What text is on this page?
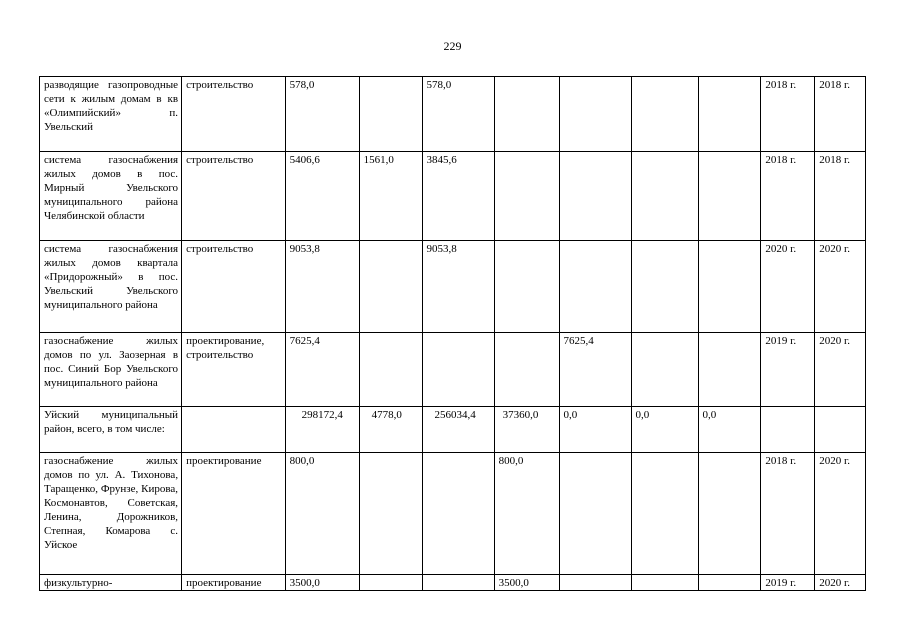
229
разводящие газопроводные сети к жилым домам в кв «Олимпийский» п. Увельский	строительство	578,0		578,0					2018 г.	2018 г.
система газоснабжения жилых домов в пос. Мирный Увельского муниципального района Челябинской области	строительство	5406,6	1561,0	3845,6					2018 г.	2018 г.
система газоснабжения жилых домов квартала «Придорожный» в пос. Увельский Увельского муниципального района	строительство	9053,8		9053,8					2020 г.	2020 г.
газоснабжение жилых домов по ул. Заозерная в пос. Синий Бор Увельского муниципального района	проектирование, строительство	7625,4				7625,4			2019 г.	2020 г.
Уйский муниципальный район, всего, в том числе:		298172,4	4778,0	256034,4	37360,0	0,0	0,0	0,0		
газоснабжение жилых домов по ул. А. Тихонова, Таращенко, Фрунзе, Кирова, Космонавтов, Советская, Ленина, Дорожников, Степная, Комарова с. Уйское	проектирование	800,0			800,0				2018 г.	2020 г.
физкультурно-	проектирование	3500,0			3500,0				2019 г.	2020 г.
